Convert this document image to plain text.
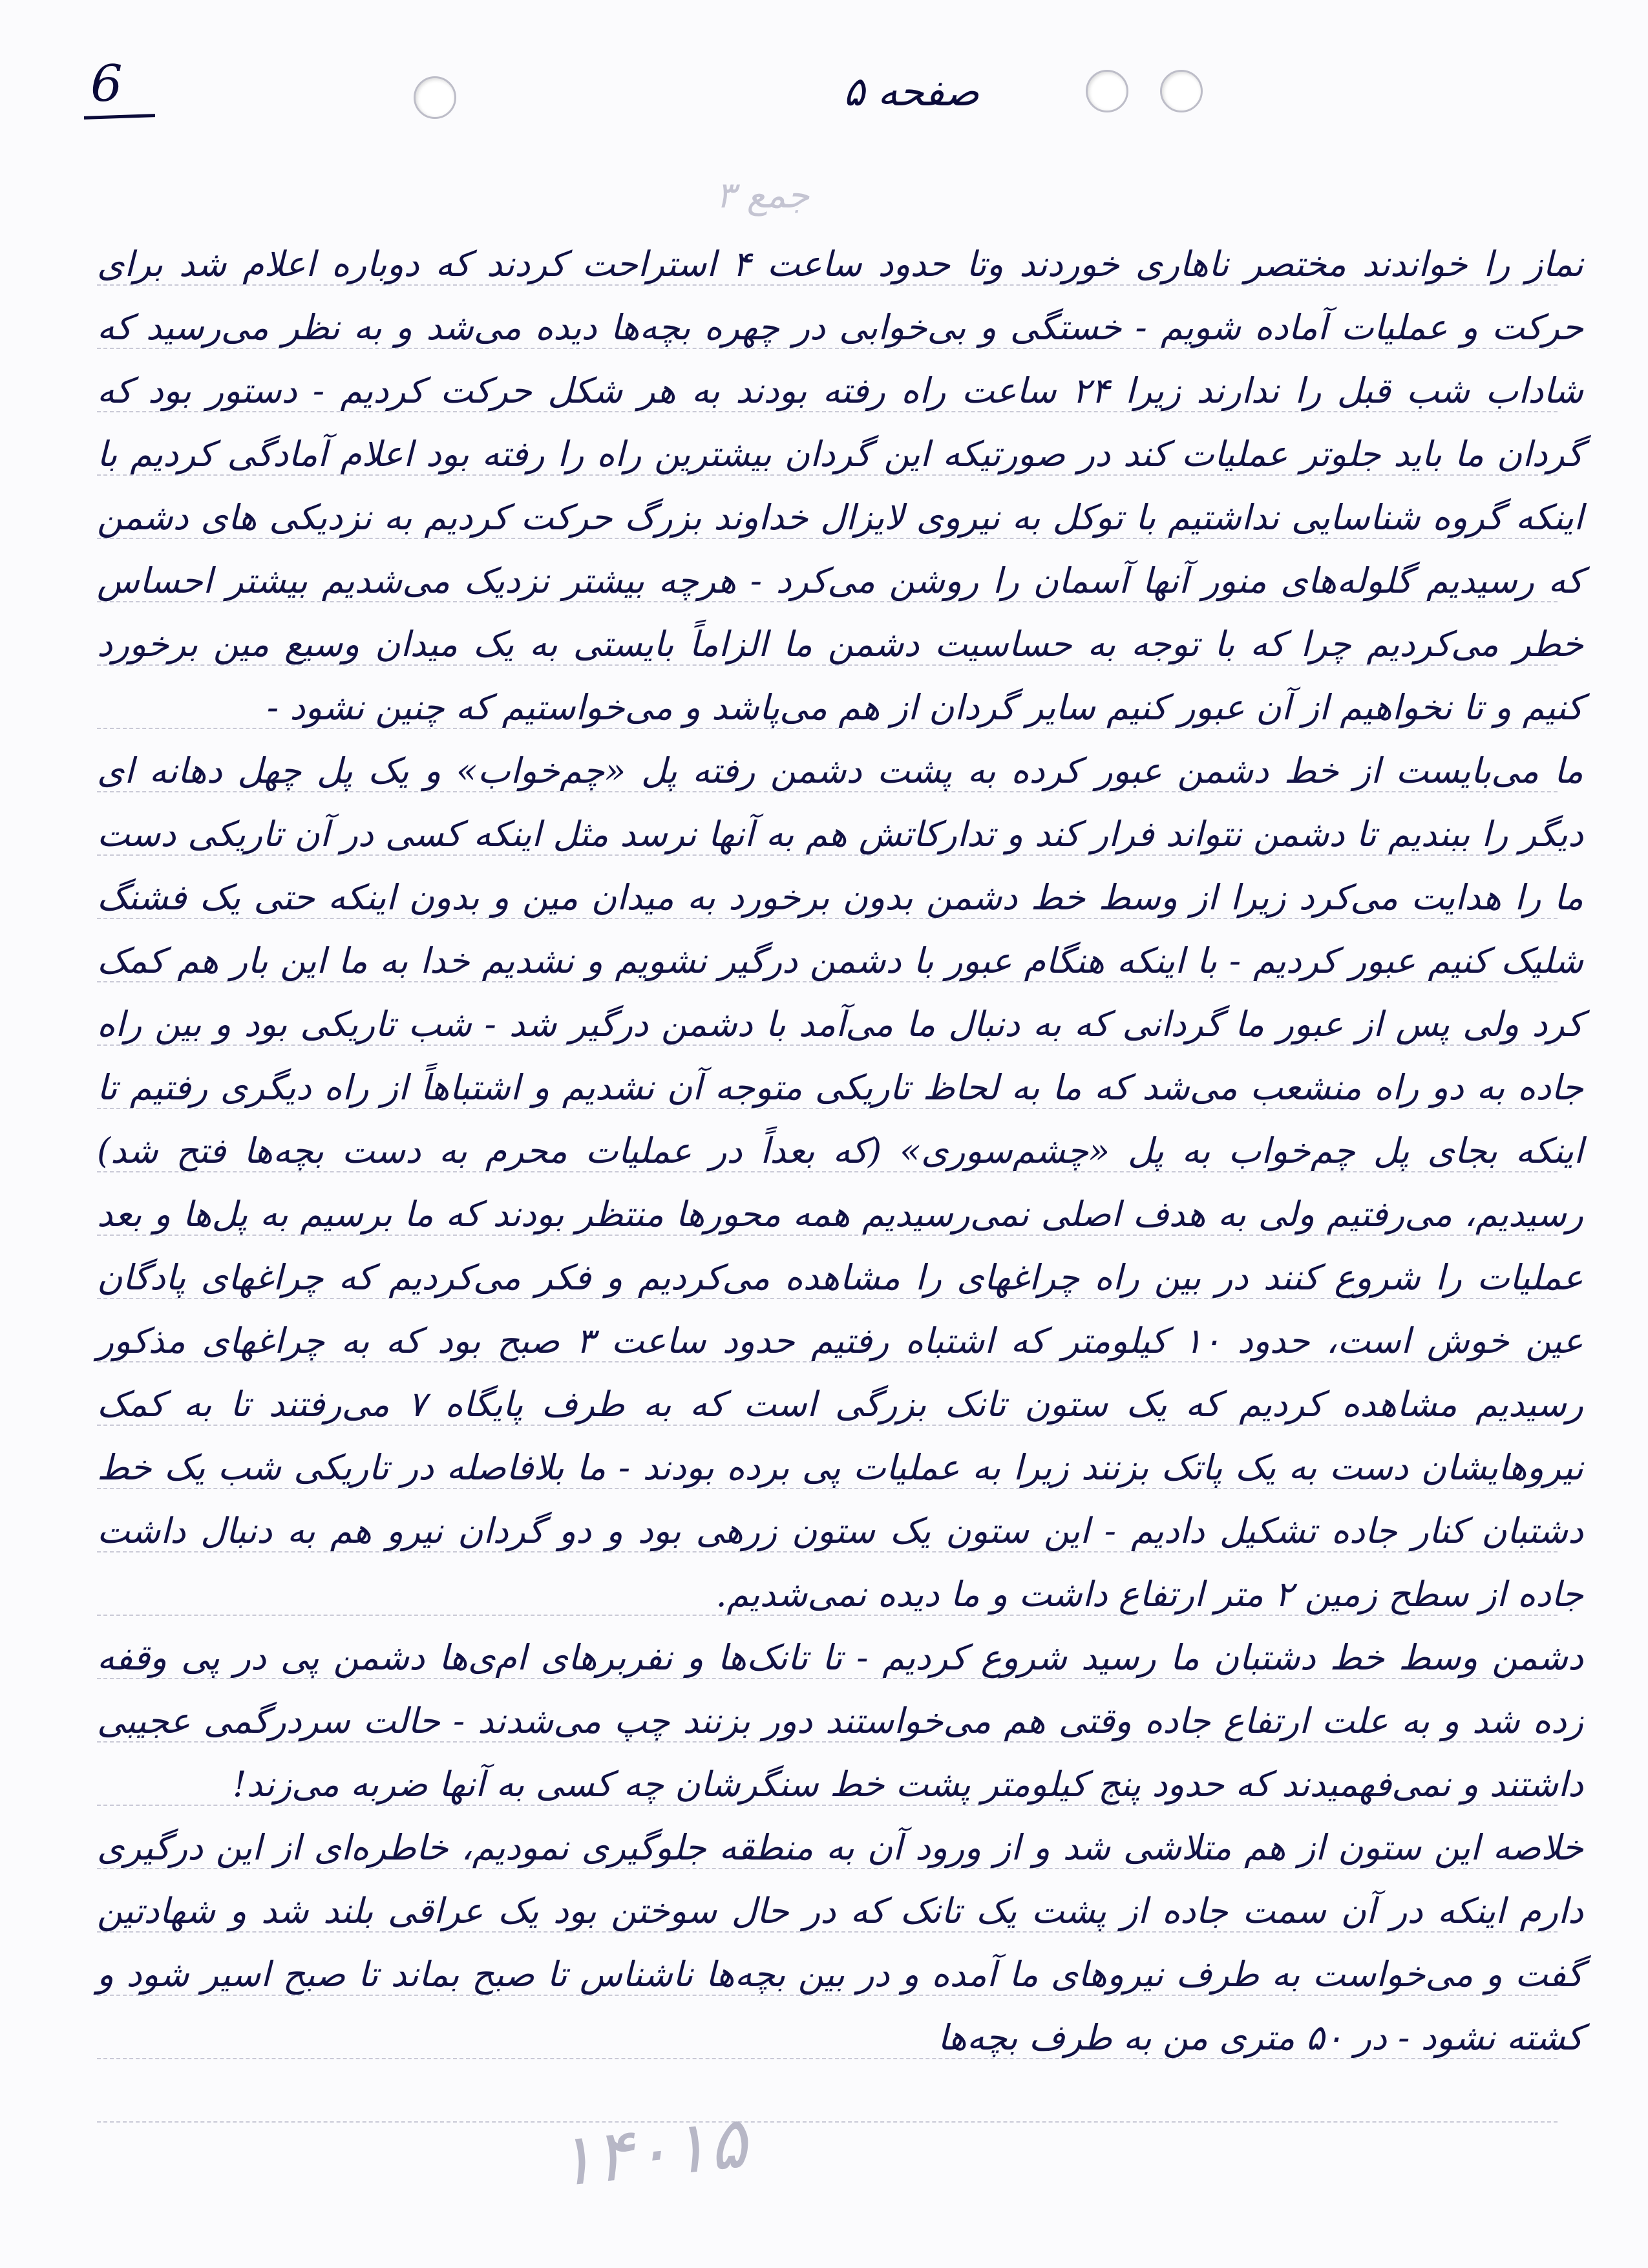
6	صفحه ۵
۳ جمع

نماز را خواندند مختصر ناهاری خوردند وتا حدود ساعت ۴ استراحت کردند که دوباره اعلام شد برای حرکت و عملیات آماده شویم - خستگی و بی‌خوابی در چهره بچه‌ها دیده می‌شد و به نظر می‌رسید که شاداب شب قبل را ندارند زیرا ۲۴ ساعت راه رفته بودند به هر شکل حرکت کردیم - دستور بود که گردان ما باید جلوتر عملیات کند در صورتیکه این گردان بیشترین راه را رفته بود اعلام آمادگی کردیم با اینکه گروه شناسایی نداشتیم با توکل به نیروی لایزال خداوند بزرگ حرکت کردیم به نزدیکی های دشمن که رسیدیم گلوله‌های منور آنها آسمان را روشن می‌کرد - هرچه بیشتر نزدیک می‌شدیم بیشتر احساس خطر می‌کردیم چرا که با توجه به حساسیت دشمن ما الزاماً بایستی به یک میدان وسیع مین برخورد کنیم و تا نخواهیم از آن عبور کنیم سایر گردان از هم می‌پاشد و می‌خواستیم که چنین نشود -

ما می‌بایست از خط دشمن عبور کرده به پشت دشمن رفته پل «چم‌خواب» و یک پل چهل دهانه ای دیگر را ببندیم تا دشمن نتواند فرار کند و تدارکاتش هم به آنها نرسد مثل اینکه کسی در آن تاریکی دست ما را هدایت می‌کرد زیرا از وسط خط دشمن بدون برخورد به میدان مین و بدون اینکه حتی یک فشنگ شلیک کنیم عبور کردیم - با اینکه هنگام عبور با دشمن درگیر نشویم و نشدیم خدا به ما این بار هم کمک کرد ولی پس از عبور ما گردانی که به دنبال ما می‌آمد با دشمن درگیر شد - شب تاریکی بود و بین راه جاده به دو راه منشعب می‌شد که ما به لحاظ تاریکی متوجه آن نشدیم و اشتباهاً از راه دیگری رفتیم تا اینکه بجای پل چم‌خواب به پل «چشم‌سوری» (که بعداً در عملیات محرم به دست بچه‌ها فتح شد) رسیدیم، می‌رفتیم ولی به هدف اصلی نمی‌رسیدیم همه محورها منتظر بودند که ما برسیم به پل‌ها و بعد عملیات را شروع کنند در بین راه چراغهای را مشاهده می‌کردیم و فکر می‌کردیم که چراغهای پادگان عین خوش است، حدود ۱۰ کیلومتر که اشتباه رفتیم حدود ساعت ۳ صبح بود که به چراغهای مذکور رسیدیم مشاهده کردیم که یک ستون تانک بزرگی است که به طرف پایگاه ۷ می‌رفتند تا به کمک نیروهایشان دست به یک پاتک بزنند زیرا به عملیات پی برده بودند - ما بلافاصله در تاریکی شب یک خط دشتبان کنار جاده تشکیل دادیم - این ستون یک ستون زرهی بود و دو گردان نیرو هم به دنبال داشت جاده از سطح زمین ۲ متر ارتفاع داشت و ما دیده نمی‌شدیم.

دشمن وسط خط دشتبان ما رسید شروع کردیم - تا تانک‌ها و نفربرهای ام‌ی‌ها دشمن پی در پی وقفه زده شد و به علت ارتفاع جاده وقتی هم می‌خواستند دور بزنند چپ می‌شدند - حالت سردرگمی عجیبی داشتند و نمی‌فهمیدند که حدود پنج کیلومتر پشت خط سنگرشان چه کسی به آنها ضربه می‌زند!

خلاصه این ستون از هم متلاشی شد و از ورود آن به منطقه جلوگیری نمودیم، خاطره‌ای از این درگیری دارم اینکه در آن سمت جاده از پشت یک تانک که در حال سوختن بود یک عراقی بلند شد و شهادتین گفت و می‌خواست به طرف نیروهای ما آمده و در بین بچه‌ها ناشناس تا صبح بماند تا صبح اسیر شود و کشته نشود - در ۵۰ متری من به طرف بچه‌ها

۱۴۰۱۵
